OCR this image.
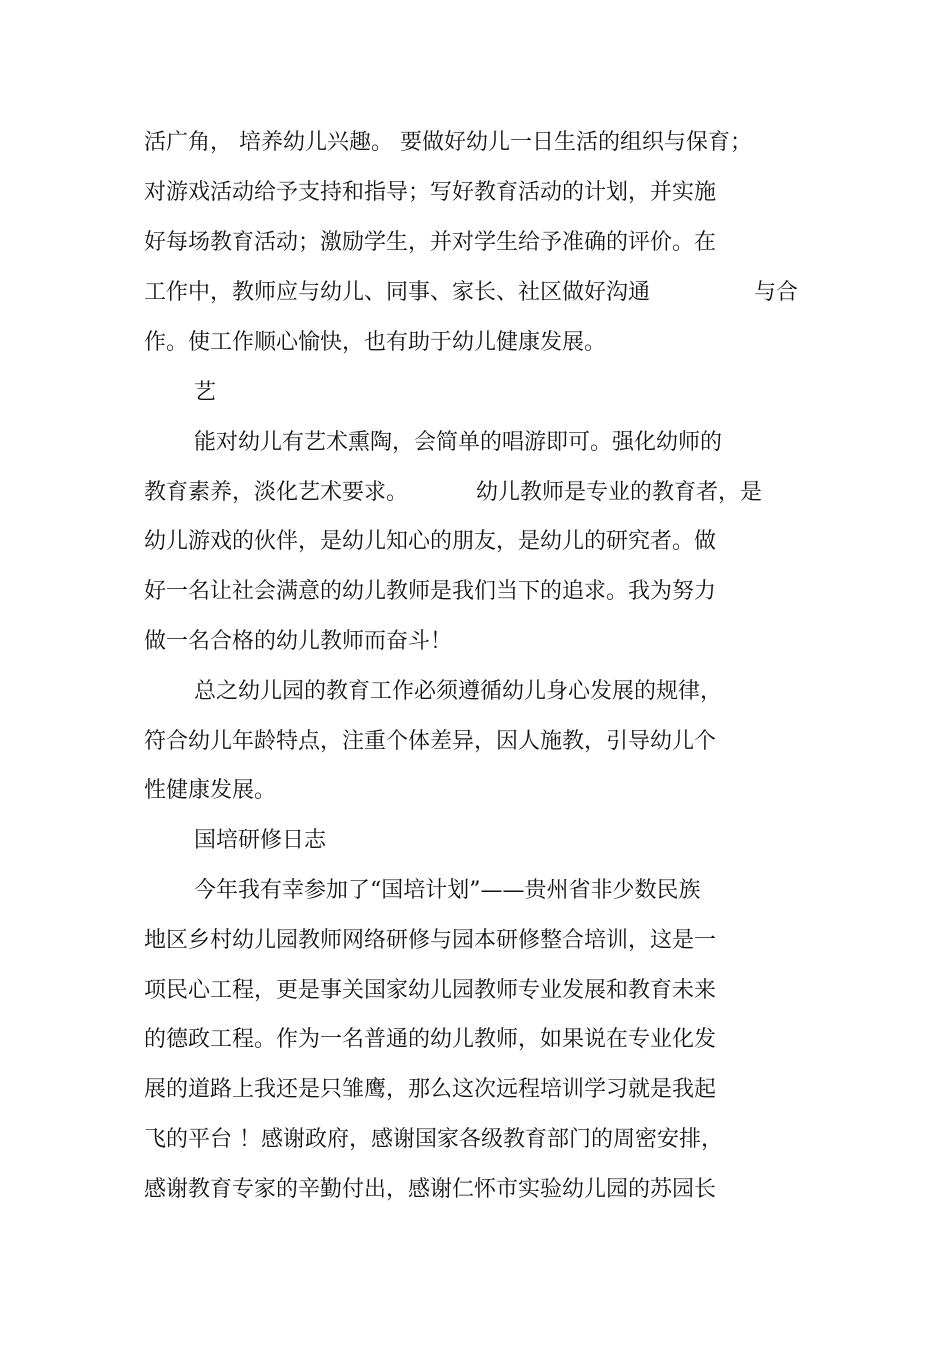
活广角， 培养幼儿兴趣。 要做好幼儿一日生活的组织与保育；
对游戏活动给予支持和指导；写好教育活动的计划，并实施
好每场教育活动；激励学生，并对学生给予准确的评价。在
工作中，教师应与幼儿、同事、家长、社区做好沟通	与合
作。使工作顺心愉快，也有助于幼儿健康发展。
艺
能对幼儿有艺术熏陶，会简单的唱游即可。强化幼师的
教育素养，淡化艺术要求。	幼儿教师是专业的教育者，是
幼儿游戏的伙伴，是幼儿知心的朋友，是幼儿的研究者。做
好一名让社会满意的幼儿教师是我们当下的追求。我为努力
做一名合格的幼儿教师而奋斗！
总之幼儿园的教育工作必须遵循幼儿身心发展的规律，
符合幼儿年龄特点，注重个体差异，因人施教，引导幼儿个
性健康发展。
国培研修日志
今年我有幸参加了“国培计划”——贵州省非少数民族
地区乡村幼儿园教师网络研修与园本研修整合培训，这是一
项民心工程，更是事关国家幼儿园教师专业发展和教育未来
的德政工程。作为一名普通的幼儿教师，如果说在专业化发
展的道路上我还是只雏鹰，那么这次远程培训学习就是我起
飞的平台 ！感谢政府，感谢国家各级教育部门的周密安排，
感谢教育专家的辛勤付出，感谢仁怀市实验幼儿园的苏园长
